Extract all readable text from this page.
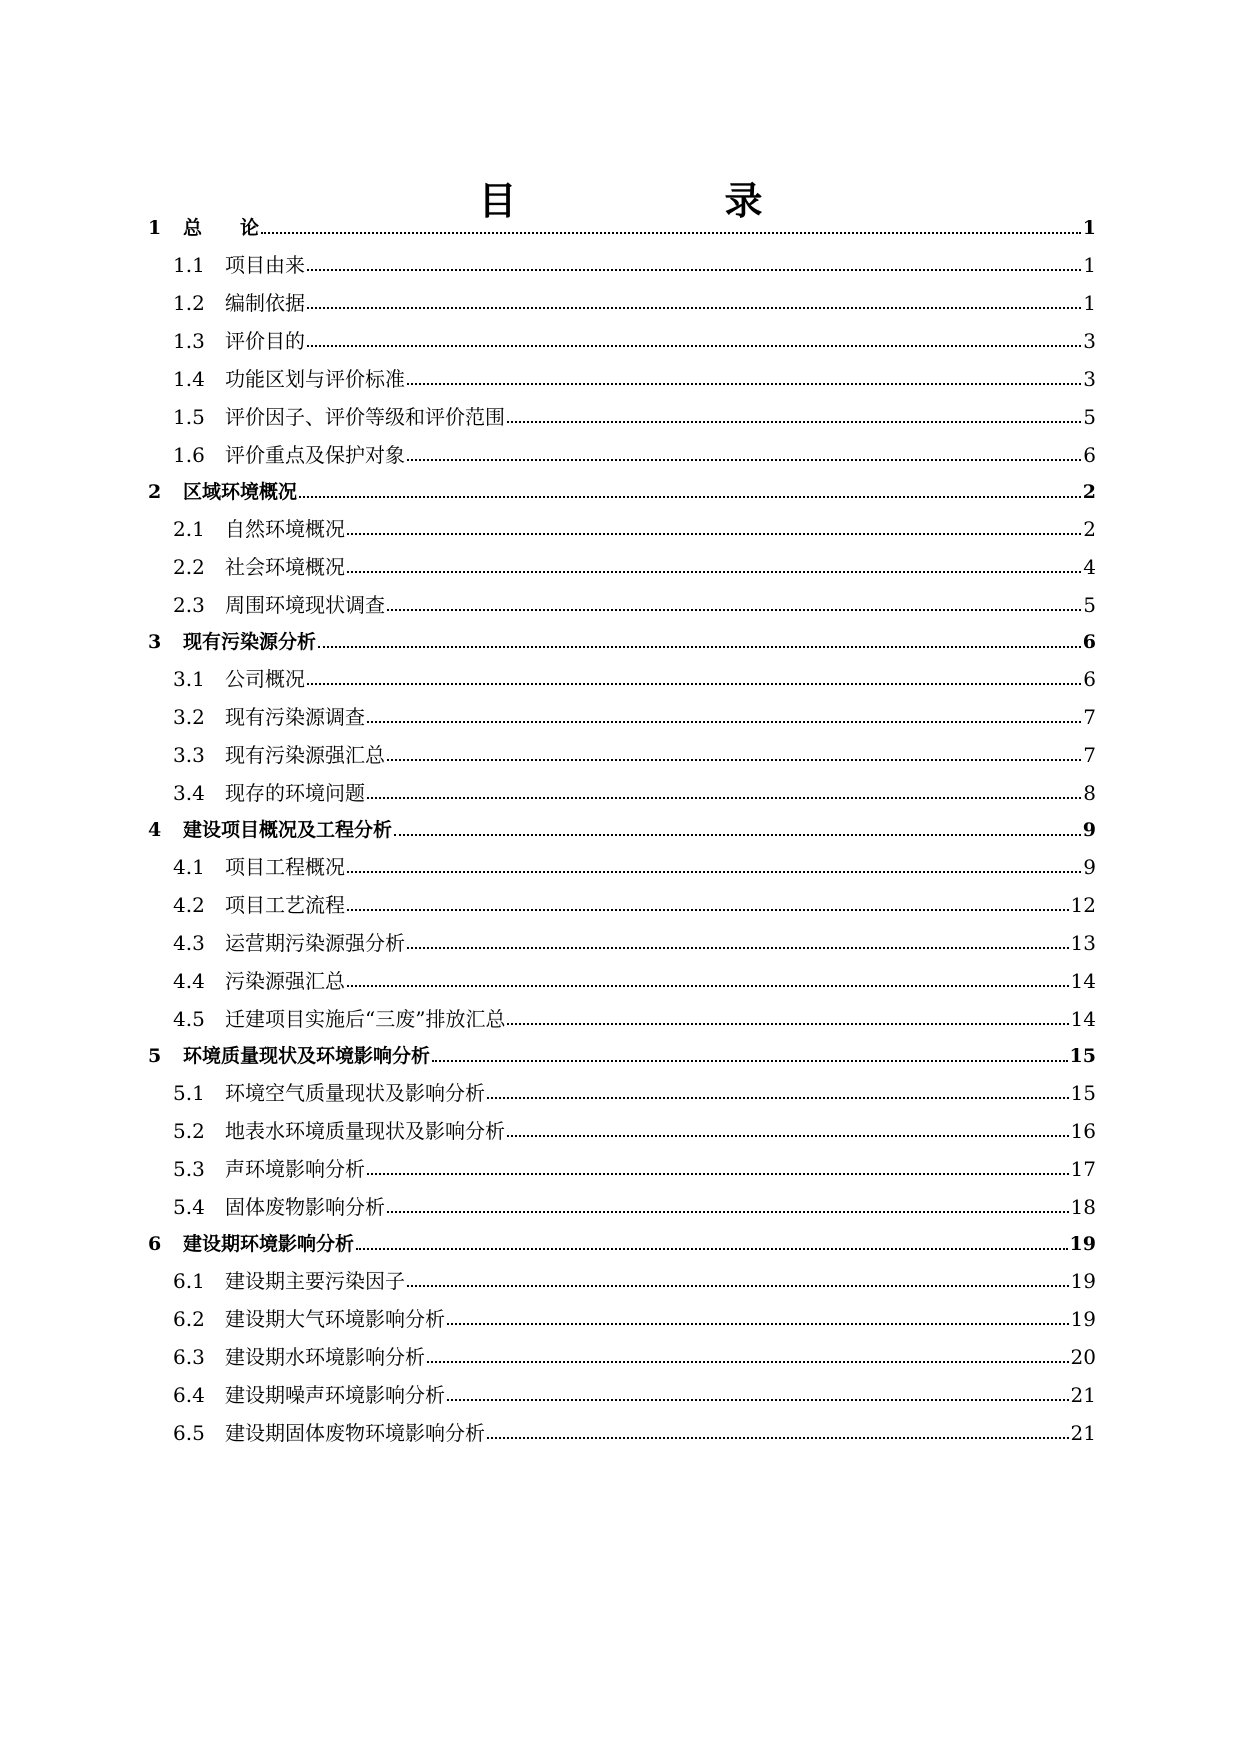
目　　录
1	总　　论	1
1.1	项目由来	1
1.2	编制依据	1
1.3	评价目的	3
1.4	功能区划与评价标准	3
1.5	评价因子、评价等级和评价范围	5
1.6	评价重点及保护对象	6
2	区域环境概况	2
2.1	自然环境概况	2
2.2	社会环境概况	4
2.3	周围环境现状调查	5
3	现有污染源分析	6
3.1	公司概况	6
3.2	现有污染源调查	7
3.3	现有污染源强汇总	7
3.4	现存的环境问题	8
4	建设项目概况及工程分析	9
4.1	项目工程概况	9
4.2	项目工艺流程	12
4.3	运营期污染源强分析	13
4.4	污染源强汇总	14
4.5	迁建项目实施后“三废”排放汇总	14
5	环境质量现状及环境影响分析	15
5.1	环境空气质量现状及影响分析	15
5.2	地表水环境质量现状及影响分析	16
5.3	声环境影响分析	17
5.4	固体废物影响分析	18
6	建设期环境影响分析	19
6.1	建设期主要污染因子	19
6.2	建设期大气环境影响分析	19
6.3	建设期水环境影响分析	20
6.4	建设期噪声环境影响分析	21
6.5	建设期固体废物环境影响分析	21
